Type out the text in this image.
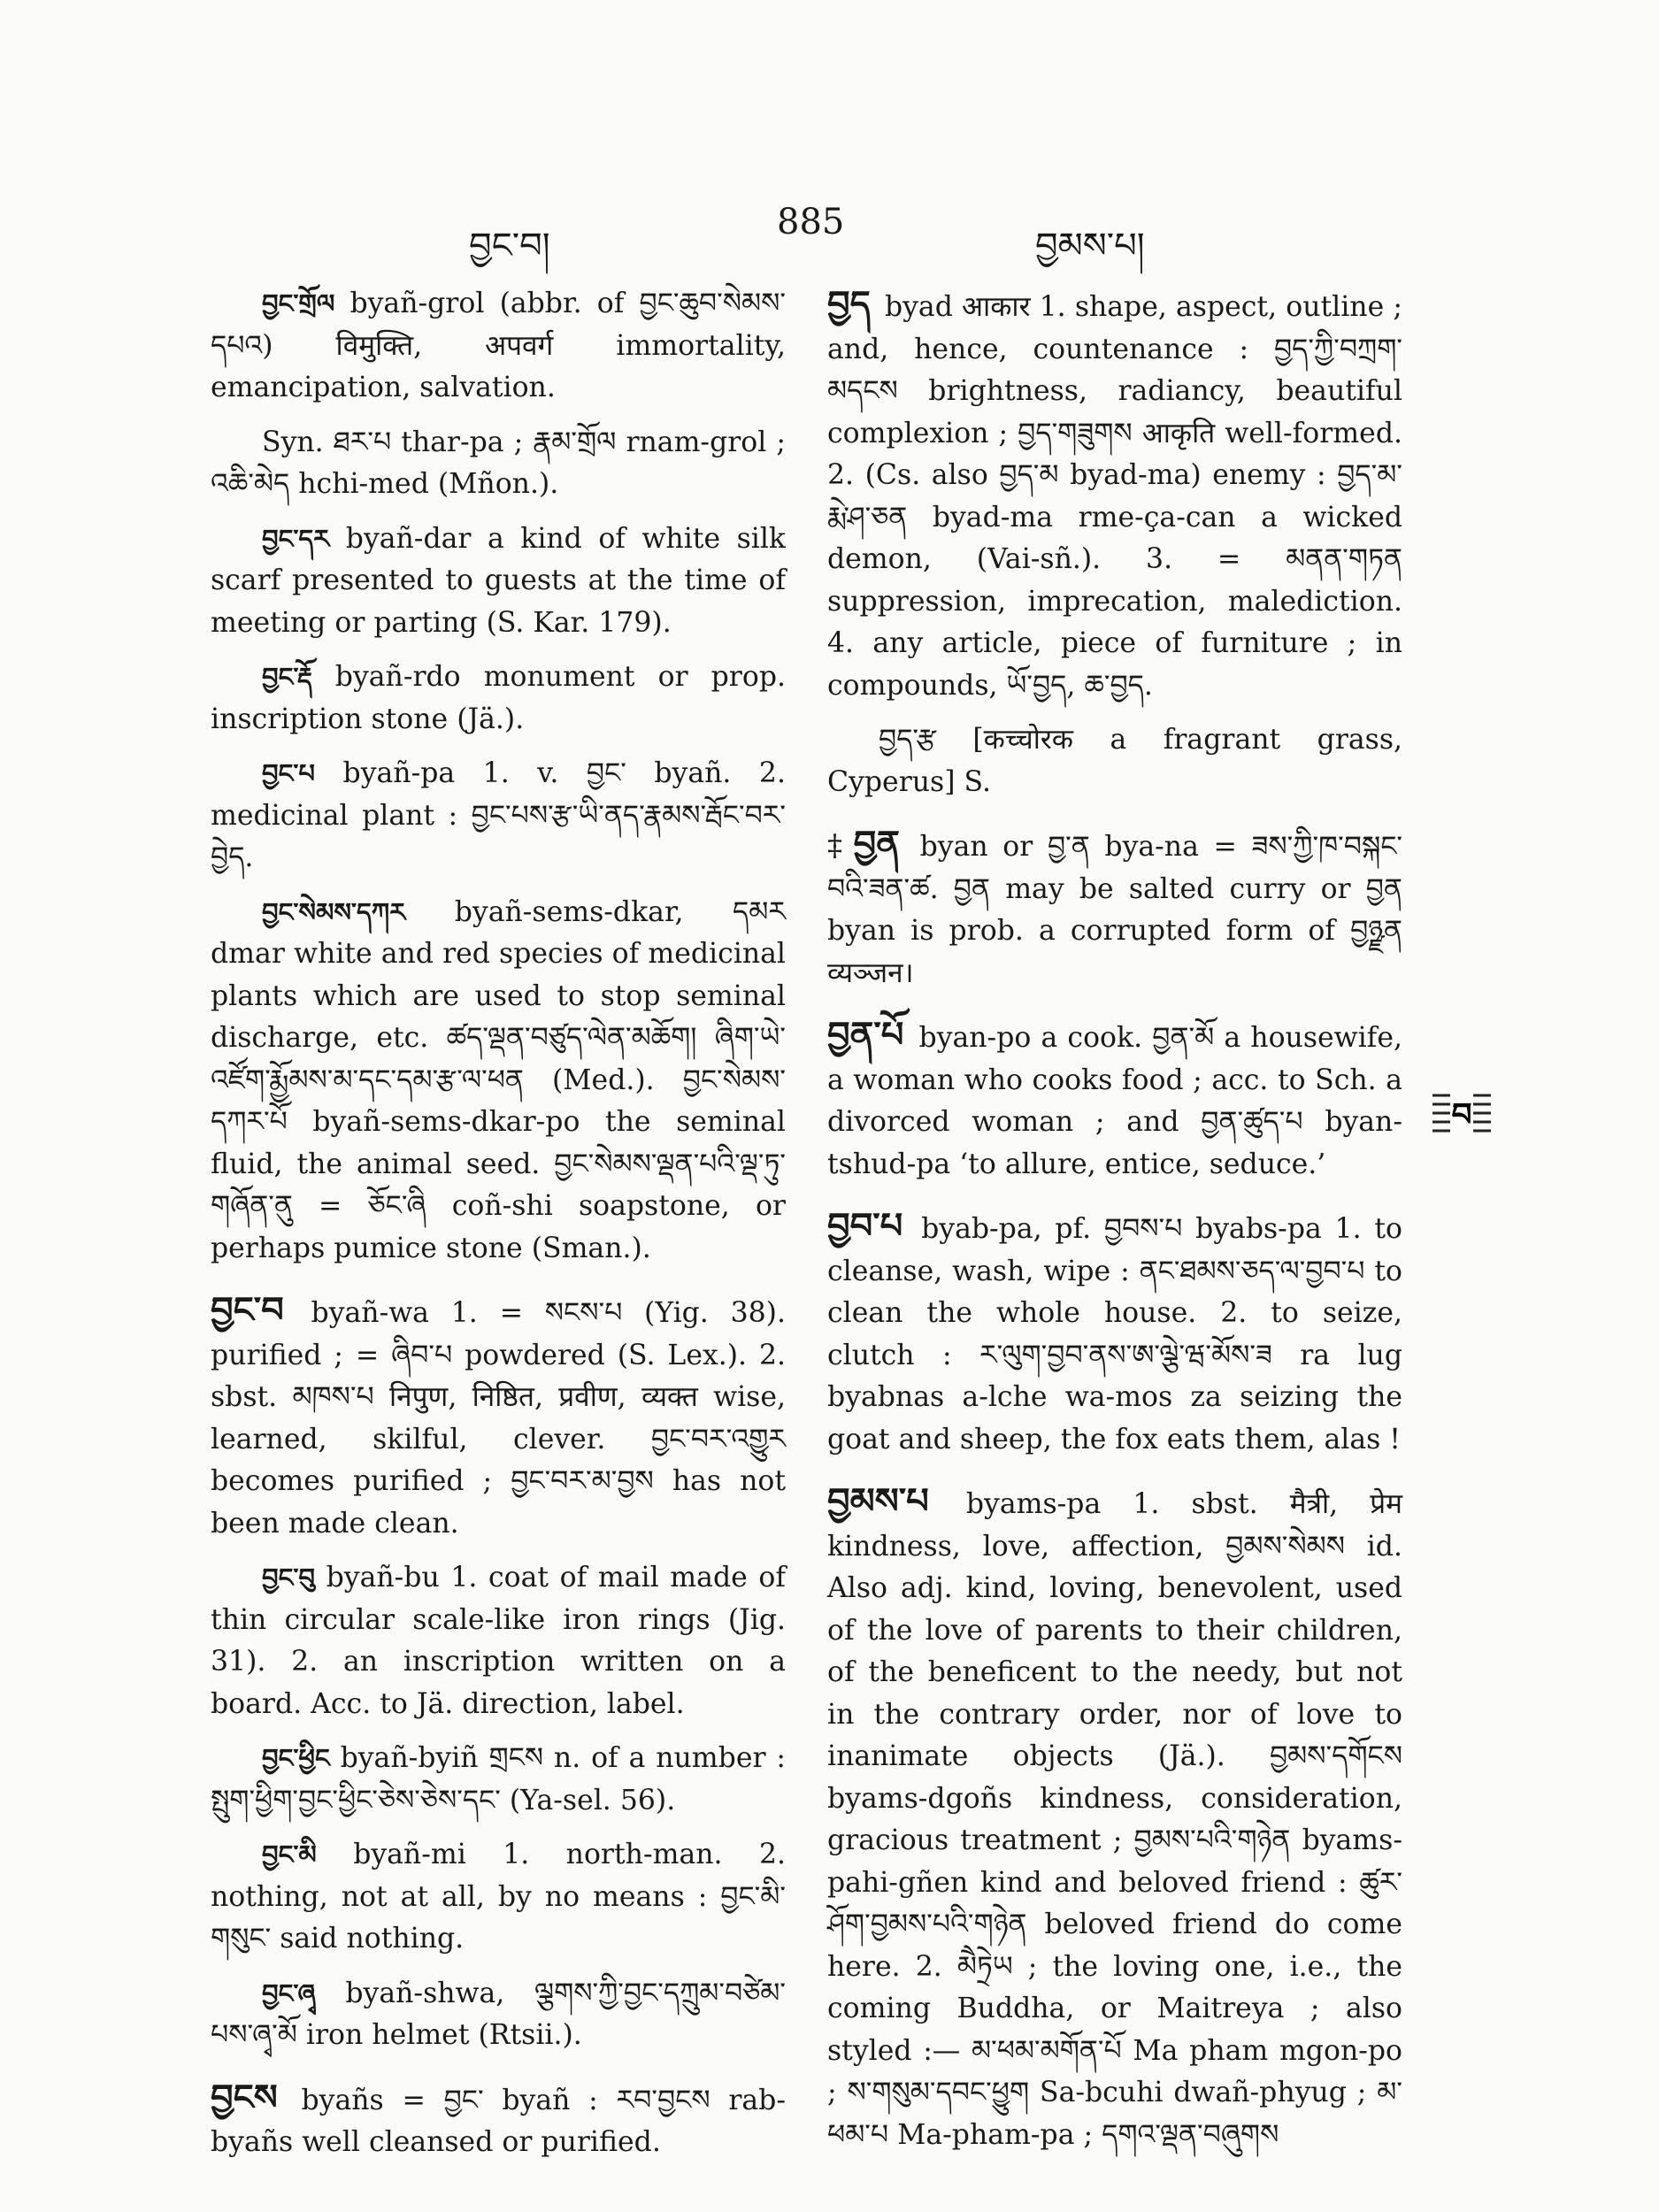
བྱང་བ།
885
བྱམས་པ།

བྱང་གྲོལ byañ-grol (abbr. of བྱང་ཆུབ་སེམས་དཔའ) विमुक्ति, अपवर्ग immortality, emancipation, salvation.

Syn. ཐར་པ thar-pa ; རྣམ་གྲོལ rnam-grol ; འཆི་མེད hchi-med (Mñon.).

བྱང་དར byañ-dar a kind of white silk scarf presented to guests at the time of meeting or parting (S. Kar. 179).

བྱང་རྡོ byañ-rdo monument or prop. inscription stone (Jä.).

བྱང་པ byañ-pa 1. v. བྱང་ byañ. 2. medicinal plant : བྱང་པས་རྩ་ཡི་ནད་རྣམས་རྦོང་བར་བྱེད.

བྱང་སེམས་དཀར byañ-sems-dkar, དམར dmar white and red species of medicinal plants which are used to stop seminal discharge, etc. ཚད་ལྡན་བཙུད་ལེན་མཆོག། ཞིག་ཡེ་འཛོག་རྨྱོམས་མ་དང་དམ་རྩ་ལ་ཕན (Med.). བྱང་སེམས་དཀར་པོ byañ-sems-dkar-po the seminal fluid, the animal seed. བྱང་སེམས་ལྡན་པའི་ལྡ་ཏུ་གཞོན་ནུ = ཅོང་ཞི coñ-shi soapstone, or perhaps pumice stone (Sman.).

བྱང་བ byañ-wa 1. = སངས་པ (Yig. 38). purified ; = ཞིབ་པ powdered (S. Lex.). 2. sbst. མཁས་པ निपुण, निष्ठित, प्रवीण, व्यक्त wise, learned, skilful, clever. བྱང་བར་འགྱུར becomes purified ; བྱང་བར་མ་བྱས has not been made clean.

བྱང་བུ byañ-bu 1. coat of mail made of thin circular scale-like iron rings (Jig. 31). 2. an inscription written on a board. Acc. to Jä. direction, label.

བྱང་ཕྱིང byañ-byiñ གྲངས n. of a number : སྤུག་ཕྱིག་བྱང་ཕྱིང་ཅེས་ཅེས་དང་ (Ya-sel. 56).

བྱང་མི byañ-mi 1. north-man. 2. nothing, not at all, by no means : བྱང་མི་གསུང་ said nothing.

བྱང་ཞྭ byañ-shwa, ལྕགས་ཀྱི་བྱང་དཀྲུམ་བཙེམ་པས་ཞྭ་མོ iron helmet (Rtsii.).

བྱངས byañs = བྱང་ byañ : རབ་བྱངས rab-byañs well cleansed or purified.

བྱད byad आकार 1. shape, aspect, outline ; and, hence, countenance : བྱད་ཀྱི་བཀྲག་མདངས brightness, radiancy, beautiful complexion ; བྱད་གཟུགས आकृति well-formed. 2. (Cs. also བྱད་མ byad-ma) enemy : བྱད་མ་རྨེ་ཤ་ཅན byad-ma rme-ça-can a wicked demon, (Vai-sñ.). 3. = མནན་གཏན suppression, imprecation, malediction. 4. any article, piece of furniture ; in compounds, ཡོ་བྱད, ཆ་བྱད.

བྱད་རྩ [कच्चोरक a fragrant grass, Cyperus] S.

‡ བྱན byan or བྱ་ན bya-na = ཟས་ཀྱི་ཁ་བསྐང་བའི་ཟན་ཚ. བྱན may be salted curry or བྱན byan is prob. a corrupted form of བྱཉྫན व्यञ्जन।

བྱན་པོ byan-po a cook. བྱན་མོ a housewife, a woman who cooks food ; acc. to Sch. a divorced woman ; and བྱན་ཚུད་པ byan-tshud-pa ‘to allure, entice, seduce.’

བྱབ་པ byab-pa, pf. བྱབས་པ byabs-pa 1. to cleanse, wash, wipe : ནང་ཐམས་ཅད་ལ་བྱབ་པ to clean the whole house. 2. to seize, clutch : ར་ལུག་བྱབ་ནས་ཨ་ལྕེ་ཝ་མོས་ཟ ra lug byabnas a-lche wa-mos za seizing the goat and sheep, the fox eats them, alas !

བྱམས་པ byams-pa 1. sbst. मैत्री, प्रेम kindness, love, affection, བྱམས་སེམས id. Also adj. kind, loving, benevolent, used of the love of parents to their children, of the beneficent to the needy, but not in the contrary order, nor of love to inanimate objects (Jä.). བྱམས་དགོངས byams-dgoñs kindness, consideration, gracious treatment ; བྱམས་པའི་གཉེན byams-pahi-gñen kind and beloved friend : ཚུར་ཤོག་བྱམས་པའི་གཉེན beloved friend do come here. 2. མཻཏྲེཡ ; the loving one, i.e., the coming Buddha, or Maitreya ; also styled :— མ་ཕམ་མགོན་པོ Ma pham mgon-po ; ས་གསུམ་དབང་ཕྱུག Sa-bcuhi dwañ-phyug ; མ་ཕམ་པ Ma-pham-pa ; དགའ་ལྡན་བཞུགས

བ
